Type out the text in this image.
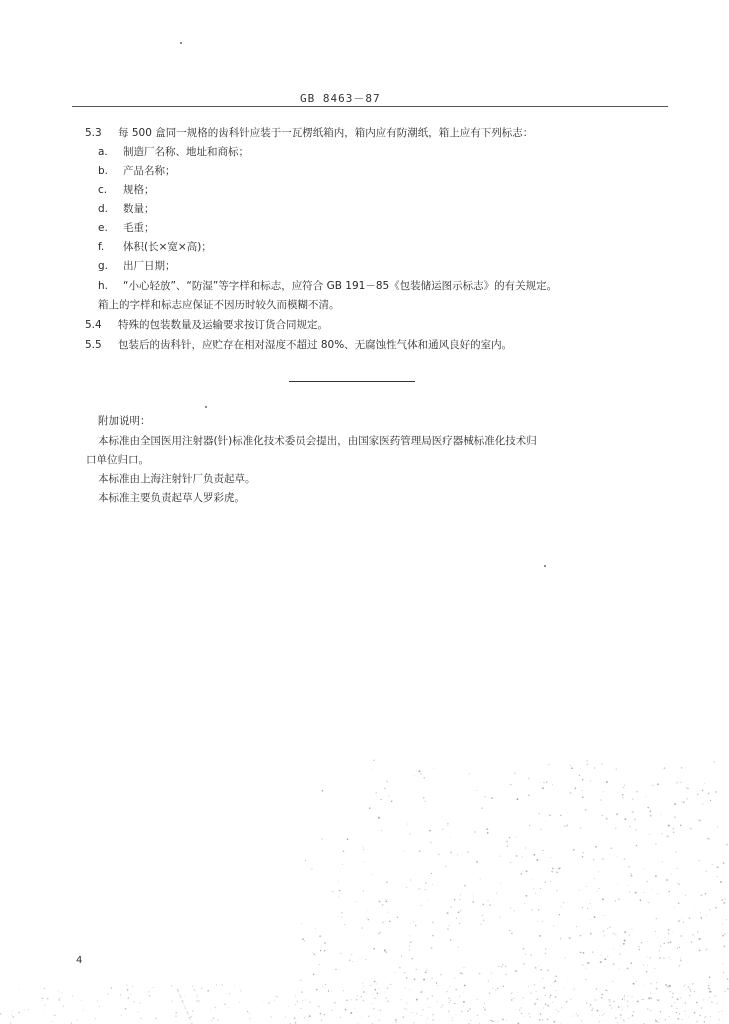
GB 8463－87
5.3 每 500 盒同一规格的齿科针应装于一瓦楞纸箱内，箱内应有防潮纸，箱上应有下列标志：
a. 制造厂名称、地址和商标；
b. 产品名称；
c. 规格；
d. 数量；
e. 毛重；
f. 体积(长×宽×高)；
g. 出厂日期；
h. “小心轻放”、“防湿”等字样和标志，应符合 GB 191－85《包装储运图示标志》的有关规定。
箱上的字样和标志应保证不因历时较久而模糊不清。
5.4 特殊的包装数量及运输要求按订货合同规定。
5.5 包装后的齿科针，应贮存在相对湿度不超过 80%、无腐蚀性气体和通风良好的室内。
附加说明：
本标准由全国医用注射器(针)标准化技术委员会提出，由国家医药管理局医疗器械标准化技术归
口单位归口。
本标准由上海注射针厂负责起草。
本标准主要负责起草人罗彩虎。
4
